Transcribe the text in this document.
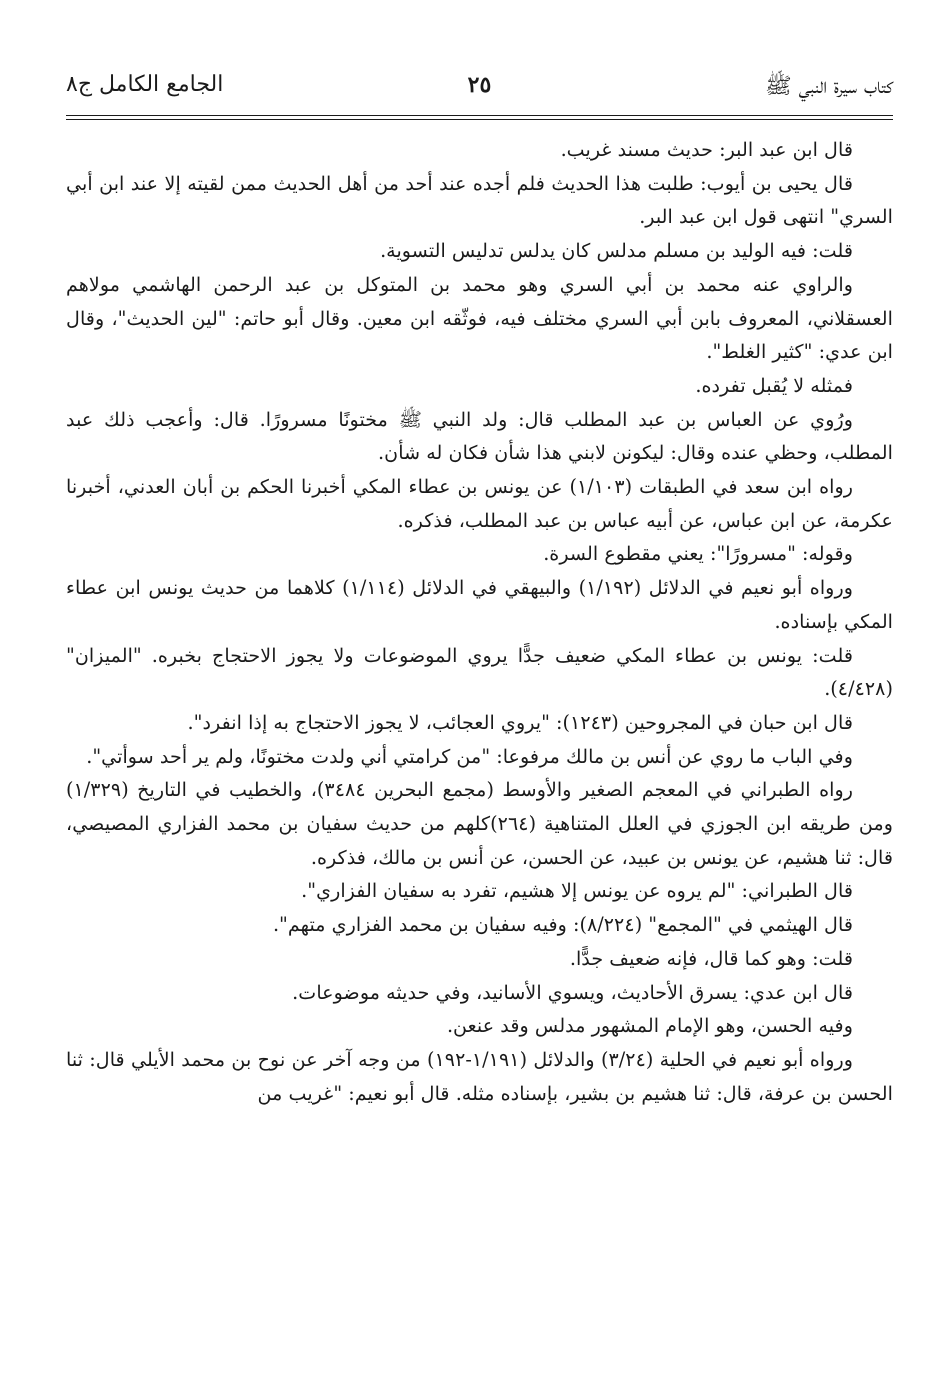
كتاب سيرة النبي ﷺ
٢٥
الجامع الكامل ج٨

قال ابن عبد البر: حديث مسند غريب.

قال يحيى بن أيوب: طلبت هذا الحديث فلم أجده عند أحد من أهل الحديث ممن لقيته إلا عند ابن أبي السري" انتهى قول ابن عبد البر.

قلت: فيه الوليد بن مسلم مدلس كان يدلس تدليس التسوية.

والراوي عنه محمد بن أبي السري وهو محمد بن المتوكل بن عبد الرحمن الهاشمي مولاهم العسقلاني، المعروف بابن أبي السري مختلف فيه، فوثّقه ابن معين. وقال أبو حاتم: "لين الحديث"، وقال ابن عدي: "كثير الغلط".

فمثله لا يُقبل تفرده.

ورُوي عن العباس بن عبد المطلب قال: ولد النبي ﷺ مختونًا مسرورًا. قال: وأعجب ذلك عبد المطلب، وحظي عنده وقال: ليكونن لابني هذا شأن فكان له شأن.

رواه ابن سعد في الطبقات (١/١٠٣) عن يونس بن عطاء المكي أخبرنا الحكم بن أبان العدني، أخبرنا عكرمة، عن ابن عباس، عن أبيه عباس بن عبد المطلب، فذكره.

وقوله: "مسرورًا": يعني مقطوع السرة.

ورواه أبو نعيم في الدلائل (١/١٩٢) والبيهقي في الدلائل (١/١١٤) كلاهما من حديث يونس ابن عطاء المكي بإسناده.

قلت: يونس بن عطاء المكي ضعيف جدًّا يروي الموضوعات ولا يجوز الاحتجاج بخبره. "الميزان" (٤/٤٢٨).

قال ابن حبان في المجروحين (١٢٤٣): "يروي العجائب، لا يجوز الاحتجاج به إذا انفرد".

وفي الباب ما روي عن أنس بن مالك مرفوعا: "من كرامتي أني ولدت مختونًا، ولم ير أحد سوأتي".

رواه الطبراني في المعجم الصغير والأوسط (مجمع البحرين ٣٤٨٤)، والخطيب في التاريخ (١/٣٢٩) ومن طريقه ابن الجوزي في العلل المتناهية (٢٦٤)كلهم من حديث سفيان بن محمد الفزاري المصيصي، قال: ثنا هشيم، عن يونس بن عبيد، عن الحسن، عن أنس بن مالك، فذكره.

قال الطبراني: "لم يروه عن يونس إلا هشيم، تفرد به سفيان الفزاري".

قال الهيثمي في "المجمع" (٨/٢٢٤): وفيه سفيان بن محمد الفزاري متهم".

قلت: وهو كما قال، فإنه ضعيف جدًّا.

قال ابن عدي: يسرق الأحاديث، ويسوي الأسانيد، وفي حديثه موضوعات.

وفيه الحسن، وهو الإمام المشهور مدلس وقد عنعن.

ورواه أبو نعيم في الحلية (٣/٢٤) والدلائل (١/١٩١-١٩٢) من وجه آخر عن نوح بن محمد الأيلي قال: ثنا الحسن بن عرفة، قال: ثنا هشيم بن بشير، بإسناده مثله. قال أبو نعيم: "غريب من
